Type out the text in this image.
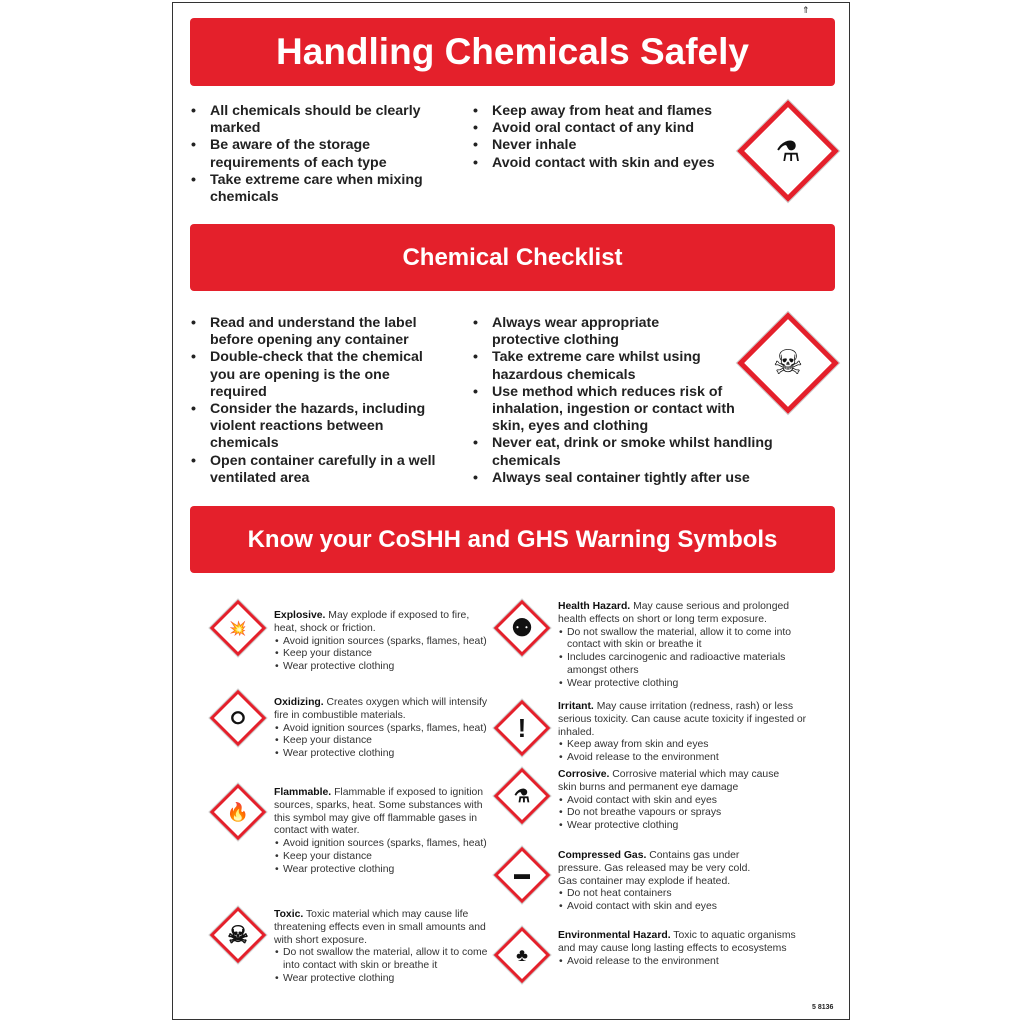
⇑
Handling Chemicals Safely
• All chemicals should be clearly marked
• Be aware of the storage requirements of each type
• Take extreme care when mixing chemicals
• Keep away from heat and flames
• Avoid oral contact of any kind
• Never inhale
• Avoid contact with skin and eyes	⚗
Chemical Checklist
• Read and understand the label before opening any container
• Double-check that the chemical you are opening is the one required
• Consider the hazards, including violent reactions between chemicals
• Open container carefully in a well ventilated area
• Always wear appropriate protective clothing
• Take extreme care whilst using hazardous chemicals
• Use method which reduces risk of inhalation, ingestion or contact with skin, eyes and clothing
• Never eat, drink or smoke whilst handling chemicals
• Always seal container tightly after use
☠
Know your CoSHH and GHS Warning Symbols
💥
Explosive. May explode if exposed to fire, heat, shock or friction.
• Avoid ignition sources (sparks, flames, heat)
• Keep your distance
• Wear protective clothing
⭘
Oxidizing. Creates oxygen which will intensify fire in combustible materials.
• Avoid ignition sources (sparks, flames, heat)
• Keep your distance
• Wear protective clothing
🔥
Flammable. Flammable if exposed to ignition sources, sparks, heat. Some substances with this symbol may give off flammable gases in contact with water.
• Avoid ignition sources (sparks, flames, heat)
• Keep your distance
• Wear protective clothing
☠
Toxic. Toxic material which may cause life threatening effects even in small amounts and with short exposure.
• Do not swallow the material, allow it to come into contact with skin or breathe it
• Wear protective clothing
⚉
Health Hazard. May cause serious and prolonged health effects on short or long term exposure.
• Do not swallow the material, allow it to come into contact with skin or breathe it
• Includes carcinogenic and radioactive materials amongst others
• Wear protective clothing
!
Irritant. May cause irritation (redness, rash) or less serious toxicity. Can cause acute toxicity if ingested or inhaled.
• Keep away from skin and eyes
• Avoid release to the environment
⚗
Corrosive. Corrosive material which may cause skin burns and permanent eye damage
• Avoid contact with skin and eyes
• Do not breathe vapours or sprays
• Wear protective clothing
▬
Compressed Gas. Contains gas under pressure. Gas released may be very cold. Gas container may explode if heated.
• Do not heat containers
• Avoid contact with skin and eyes
♣
Environmental Hazard. Toxic to aquatic organisms and may cause long lasting effects to ecosystems
• Avoid release to the environment
5 8136
